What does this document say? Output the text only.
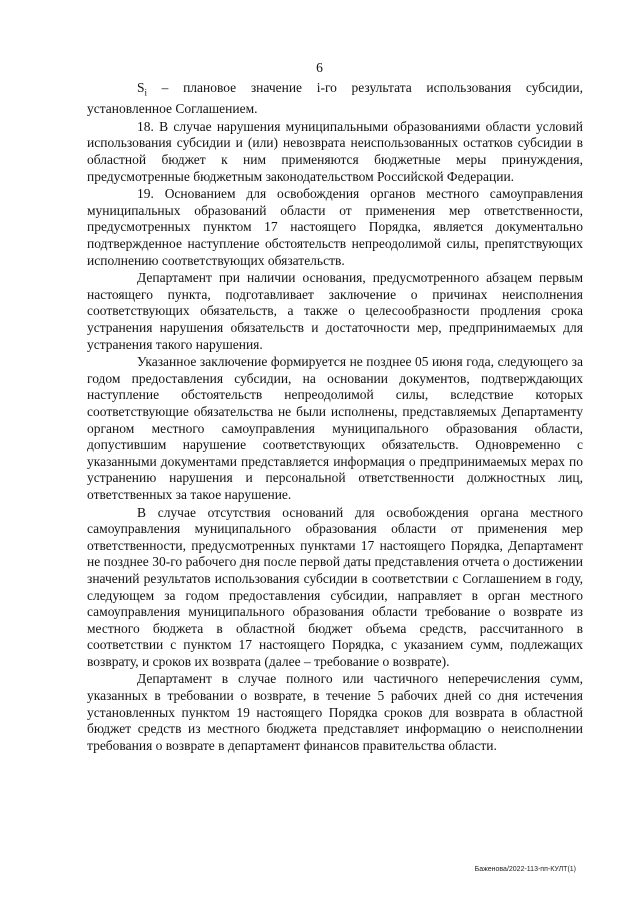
6

$S_i$ – плановое значение i-го результата использования субсидии, установленное Соглашением.

18. В случае нарушения муниципальными образованиями области условий использования субсидии и (или) невозврата неиспользованных остатков субсидии в областной бюджет к ним применяются бюджетные меры принуждения, предусмотренные бюджетным законодательством Российской Федерации.

19. Основанием для освобождения органов местного самоуправления муниципальных образований области от применения мер ответственности, предусмотренных пунктом 17 настоящего Порядка, является документально подтвержденное наступление обстоятельств непреодолимой силы, препятствующих исполнению соответствующих обязательств.

Департамент при наличии основания, предусмотренного абзацем первым настоящего пункта, подготавливает заключение о причинах неисполнения соответствующих обязательств, а также о целесообразности продления срока устранения нарушения обязательств и достаточности мер, предпринимаемых для устранения такого нарушения.

Указанное заключение формируется не позднее 05 июня года, следующего за годом предоставления субсидии, на основании документов, подтверждающих наступление обстоятельств непреодолимой силы, вследствие которых соответствующие обязательства не были исполнены, представляемых Департаменту органом местного самоуправления муниципального образования области, допустившим нарушение соответствующих обязательств. Одновременно с указанными документами представляется информация о предпринимаемых мерах по устранению нарушения и персональной ответственности должностных лиц, ответственных за такое нарушение.

В случае отсутствия оснований для освобождения органа местного самоуправления муниципального образования области от применения мер ответственности, предусмотренных пунктами 17 настоящего Порядка, Департамент не позднее 30-го рабочего дня после первой даты представления отчета о достижении значений результатов использования субсидии в соответствии с Соглашением в году, следующем за годом предоставления субсидии, направляет в орган местного самоуправления муниципального образования области требование о возврате из местного бюджета в областной бюджет объема средств, рассчитанного в соответствии с пунктом 17 настоящего Порядка, с указанием сумм, подлежащих возврату, и сроков их возврата (далее – требование о возврате).

Департамент в случае полного или частичного неперечисления сумм, указанных в требовании о возврате, в течение 5 рабочих дней со дня истечения установленных пунктом 19 настоящего Порядка сроков для возврата в областной бюджет средств из местного бюджета представляет информацию о неисполнении требования о возврате в департамент финансов правительства области.

Баженова/2022-113-пп-КУЛТ(1)
